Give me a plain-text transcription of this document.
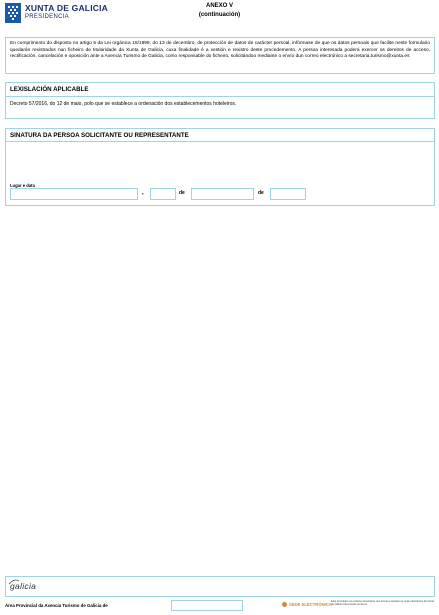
XUNTA DE GALICIA
PRESIDENCIA
ANEXO V
(continuación)
En cumprimento do disposto no artigo 5 da Lei orgánica 15/1999, do 13 de decembro, de protección de datos de carácter persoal, infórmase de que os datos persoais que facilite neste formulario quedarán rexistrados nun ficheiro de titularidade da Xunta de Galicia, cuxa finalidade é a xestión e rexistro deste procedemento. A persoa interesada poderá exercer os dereitos de acceso, rectificación, cancelación e oposición ante a Axencia Turismo de Galicia, como responsable do ficheiro, solicitándoo mediante o envío dun correo electrónico a secretaria.turismo@xunta.es
LEXISLACIÓN APLICABLE
Decreto 57/2016, do 12 de maio, polo que se establece a ordenación dos establecementos hoteleiros.
SINATURA DA PERSOA SOLICITANTE OU REPRESENTANTE
Lugar e data
,	de	de
galicia
Área Provincial da Axencia Turismo de Galicia de	SEDE ELECTRÓNICA
Este formulario só poderá presentarse nas formas previstas na sede electrónica da Xunta de Galicia https://sede.xunta.es
